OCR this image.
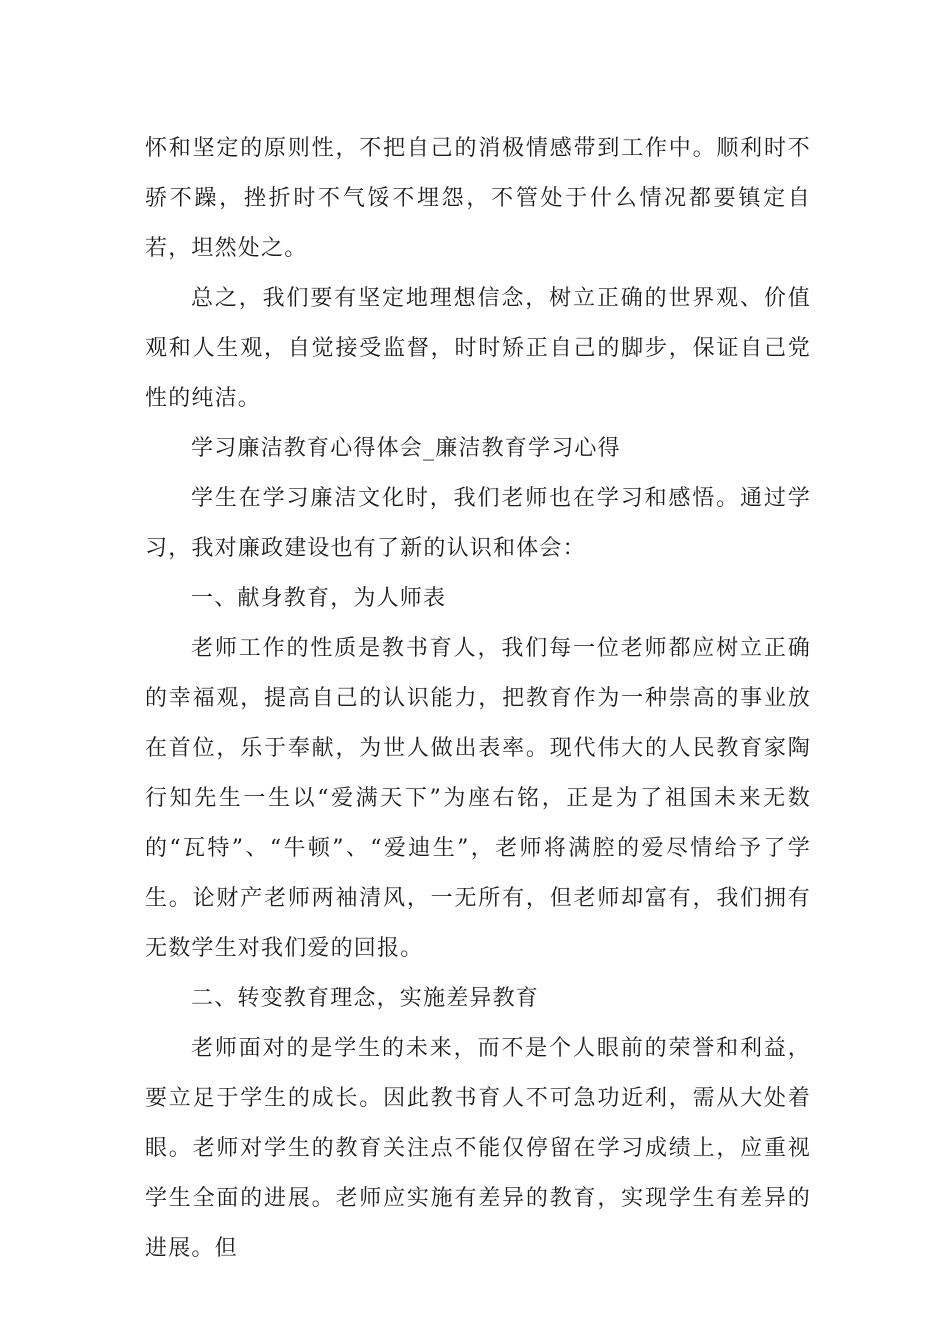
怀和坚定的原则性，不把自己的消极情感带到工作中。顺利时不骄不躁，挫折时不气馁不埋怨，不管处于什么情况都要镇定自若，坦然处之。

总之，我们要有坚定地理想信念，树立正确的世界观、价值观和人生观，自觉接受监督，时时矫正自己的脚步，保证自己党性的纯洁。

学习廉洁教育心得体会_廉洁教育学习心得

学生在学习廉洁文化时，我们老师也在学习和感悟。通过学习，我对廉政建设也有了新的认识和体会：

一、献身教育，为人师表

老师工作的性质是教书育人，我们每一位老师都应树立正确的幸福观，提高自己的认识能力，把教育作为一种崇高的事业放在首位，乐于奉献，为世人做出表率。现代伟大的人民教育家陶行知先生一生以“爱满天下”为座右铭，正是为了祖国未来无数的“瓦特”、“牛顿”、“爱迪生”，老师将满腔的爱尽情给予了学生。论财产老师两袖清风，一无所有，但老师却富有，我们拥有无数学生对我们爱的回报。

二、转变教育理念，实施差异教育

老师面对的是学生的未来，而不是个人眼前的荣誉和利益，要立足于学生的成长。因此教书育人不可急功近利，需从大处着眼。老师对学生的教育关注点不能仅停留在学习成绩上，应重视学生全面的进展。老师应实施有差异的教育，实现学生有差异的进展。但
